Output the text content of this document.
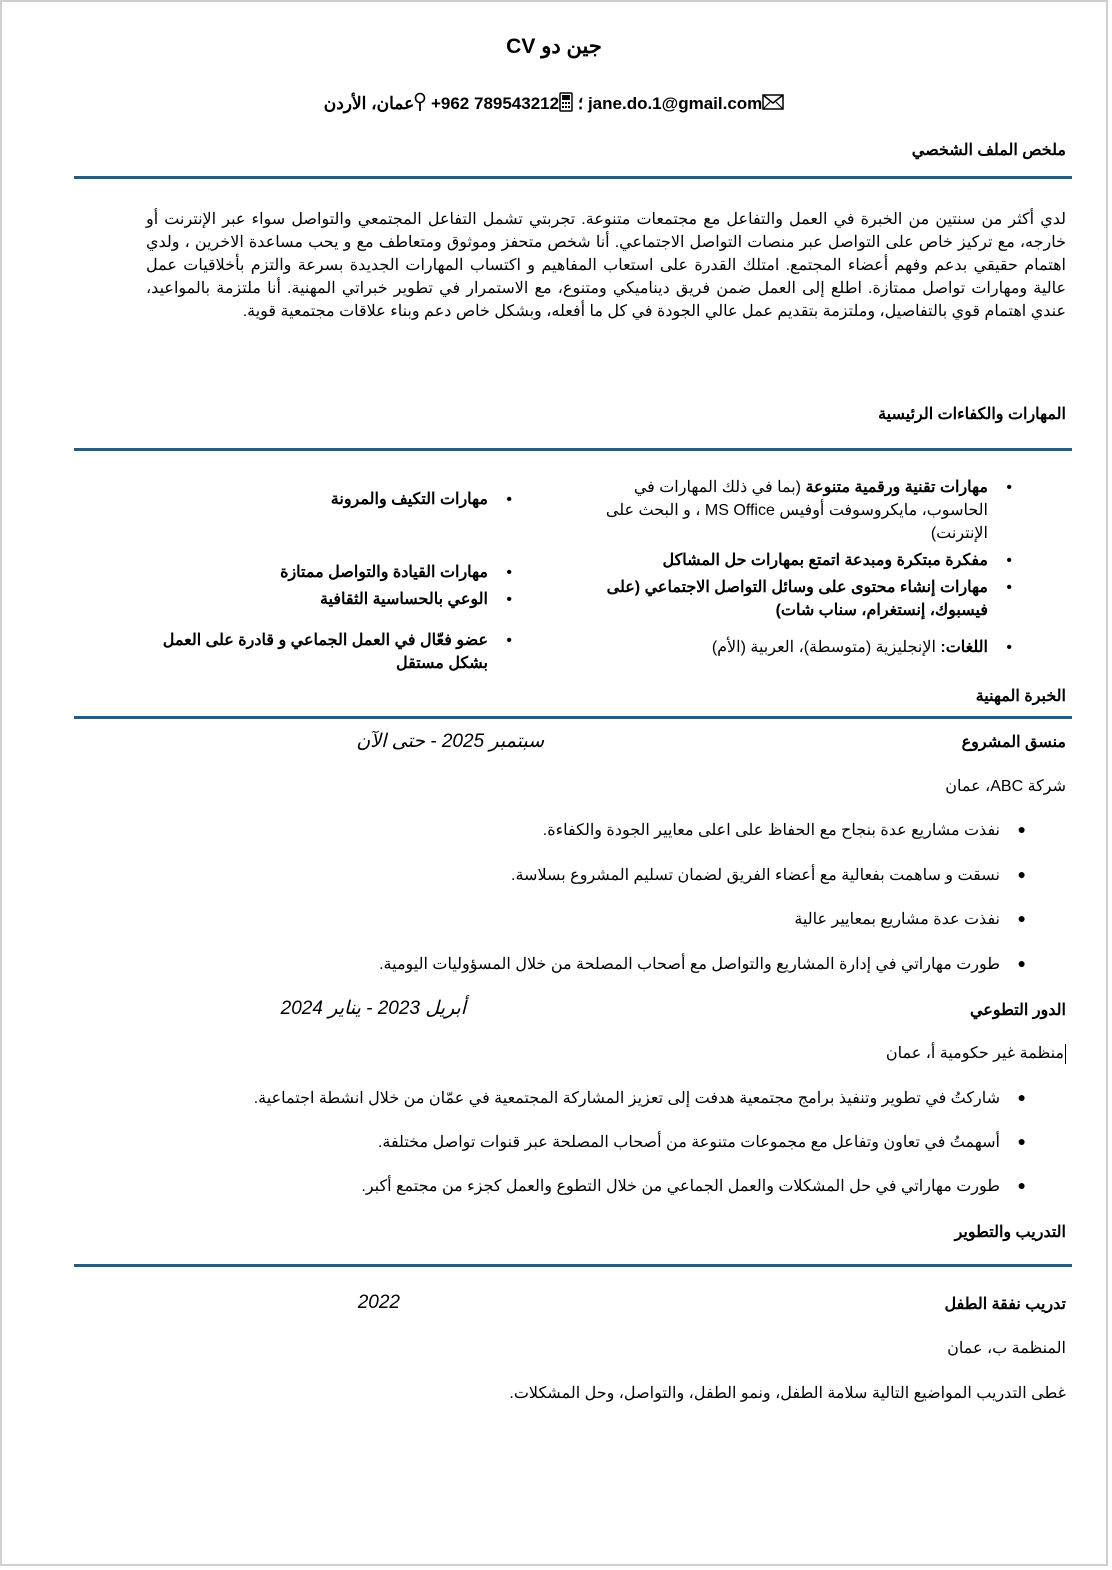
جين دو CV
jane.do.1@gmail.com ؛ +962 789543212 عمان، الأردن
ملخص الملف الشخصي
لدي أكثر من سنتين من الخبرة في العمل والتفاعل مع مجتمعات متنوعة. تجربتي تشمل التفاعل المجتمعي والتواصل سواء عبر الإنترنت أو خارجه، مع تركيز خاص على التواصل عبر منصات التواصل الاجتماعي. أنا شخص متحفز وموثوق ومتعاطف مع و يحب مساعدة الاخرين ، ولدي اهتمام حقيقي بدعم وفهم أعضاء المجتمع. امتلك القدرة على استعاب المفاهيم و اكتساب المهارات الجديدة بسرعة والتزم بأخلاقيات عمل عالية ومهارات تواصل ممتازة. اطلع إلى العمل ضمن فريق ديناميكي ومتنوع، مع الاستمرار في تطوير خبراتي المهنية. أنا ملتزمة بالمواعيد، عندي اهتمام قوي بالتفاصيل، وملتزمة بتقديم عمل عالي الجودة في كل ما أفعله، وبشكل خاص دعم وبناء علاقات مجتمعية قوية.
المهارات والكفاءات الرئيسية
•
مهارات تقنية ورقمية متنوعة (بما في ذلك المهارات في الحاسوب، مايكروسوفت أوفيس MS Office ، و البحث على الإنترنت)
•
مفكرة مبتكرة ومبدعة اتمتع بمهارات حل المشاكل
•
مهارات إنشاء محتوى على وسائل التواصل الاجتماعي (على فيسبوك، إنستغرام، سناب شات)
•
اللغات: الإنجليزية (متوسطة)، العربية (الأم)
•
مهارات التكيف والمرونة
•
مهارات القيادة والتواصل ممتازة
•
الوعي بالحساسية الثقافية
•
عضو فعّال في العمل الجماعي و قادرة على العمل بشكل مستقل
الخبرة المهنية
منسق المشروع
سبتمبر 2025 - حتى الآن
شركة ABC، عمان
●
نفذت مشاريع عدة بنجاح مع الحفاظ على اعلى معايير الجودة والكفاءة.
●
نسقت و ساهمت بفعالية مع أعضاء الفريق لضمان تسليم المشروع بسلاسة.
●
نفذت عدة مشاريع بمعايير عالية
●
طورت مهاراتي في إدارة المشاريع والتواصل مع أصحاب المصلحة من خلال المسؤوليات اليومية.
الدور التطوعي
أبريل 2023 - يناير 2024
منظمة غير حكومية أ، عمان
●
شاركتُ في تطوير وتنفيذ برامج مجتمعية هدفت إلى تعزيز المشاركة المجتمعية في عمّان من خلال انشطة اجتماعية.
●
أسهمتُ في تعاون وتفاعل مع مجموعات متنوعة من أصحاب المصلحة عبر قنوات تواصل مختلفة.
●
طورت مهاراتي في حل المشكلات والعمل الجماعي من خلال التطوع والعمل كجزء من مجتمع أكبر.
التدريب والتطوير
تدريب نفقة الطفل
2022
المنظمة ب، عمان
غطى التدريب المواضيع التالية سلامة الطفل، ونمو الطفل، والتواصل، وحل المشكلات.
